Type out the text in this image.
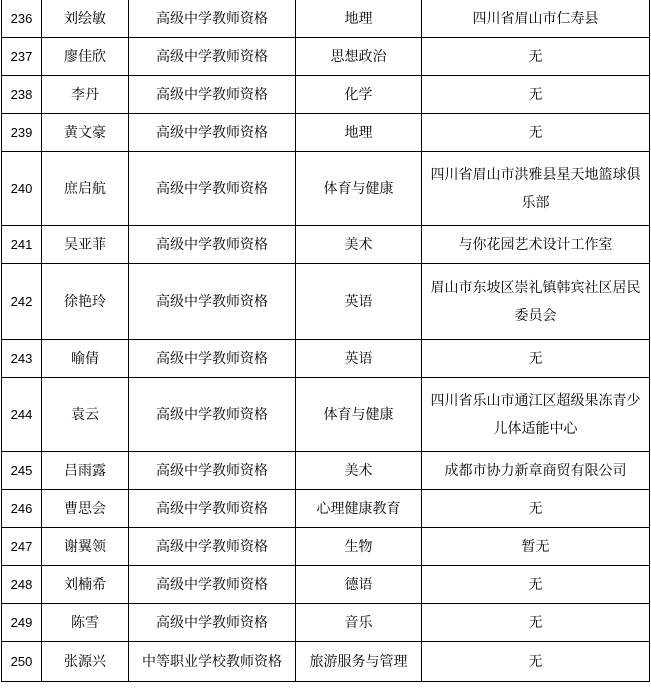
236	刘绘敏	高级中学教师资格	地理	四川省眉山市仁寿县
237	廖佳欣	高级中学教师资格	思想政治	无
238	李丹	高级中学教师资格	化学	无
239	黄文豪	高级中学教师资格	地理	无
240	庶启航	高级中学教师资格	体育与健康	四川省眉山市洪雅县星天地篮球俱乐部
241	吴亚菲	高级中学教师资格	美术	与你花园艺术设计工作室
242	徐艳玲	高级中学教师资格	英语	眉山市东坡区崇礼镇韩宾社区居民委员会
243	喻倩	高级中学教师资格	英语	无
244	袁云	高级中学教师资格	体育与健康	四川省乐山市通江区超级果冻青少儿体适能中心
245	吕雨露	高级中学教师资格	美术	成都市协力新章商贸有限公司
246	曹思会	高级中学教师资格	心理健康教育	无
247	谢翼领	高级中学教师资格	生物	暂无
248	刘楠希	高级中学教师资格	德语	无
249	陈雪	高级中学教师资格	音乐	无
250	张源兴	中等职业学校教师资格	旅游服务与管理	无
